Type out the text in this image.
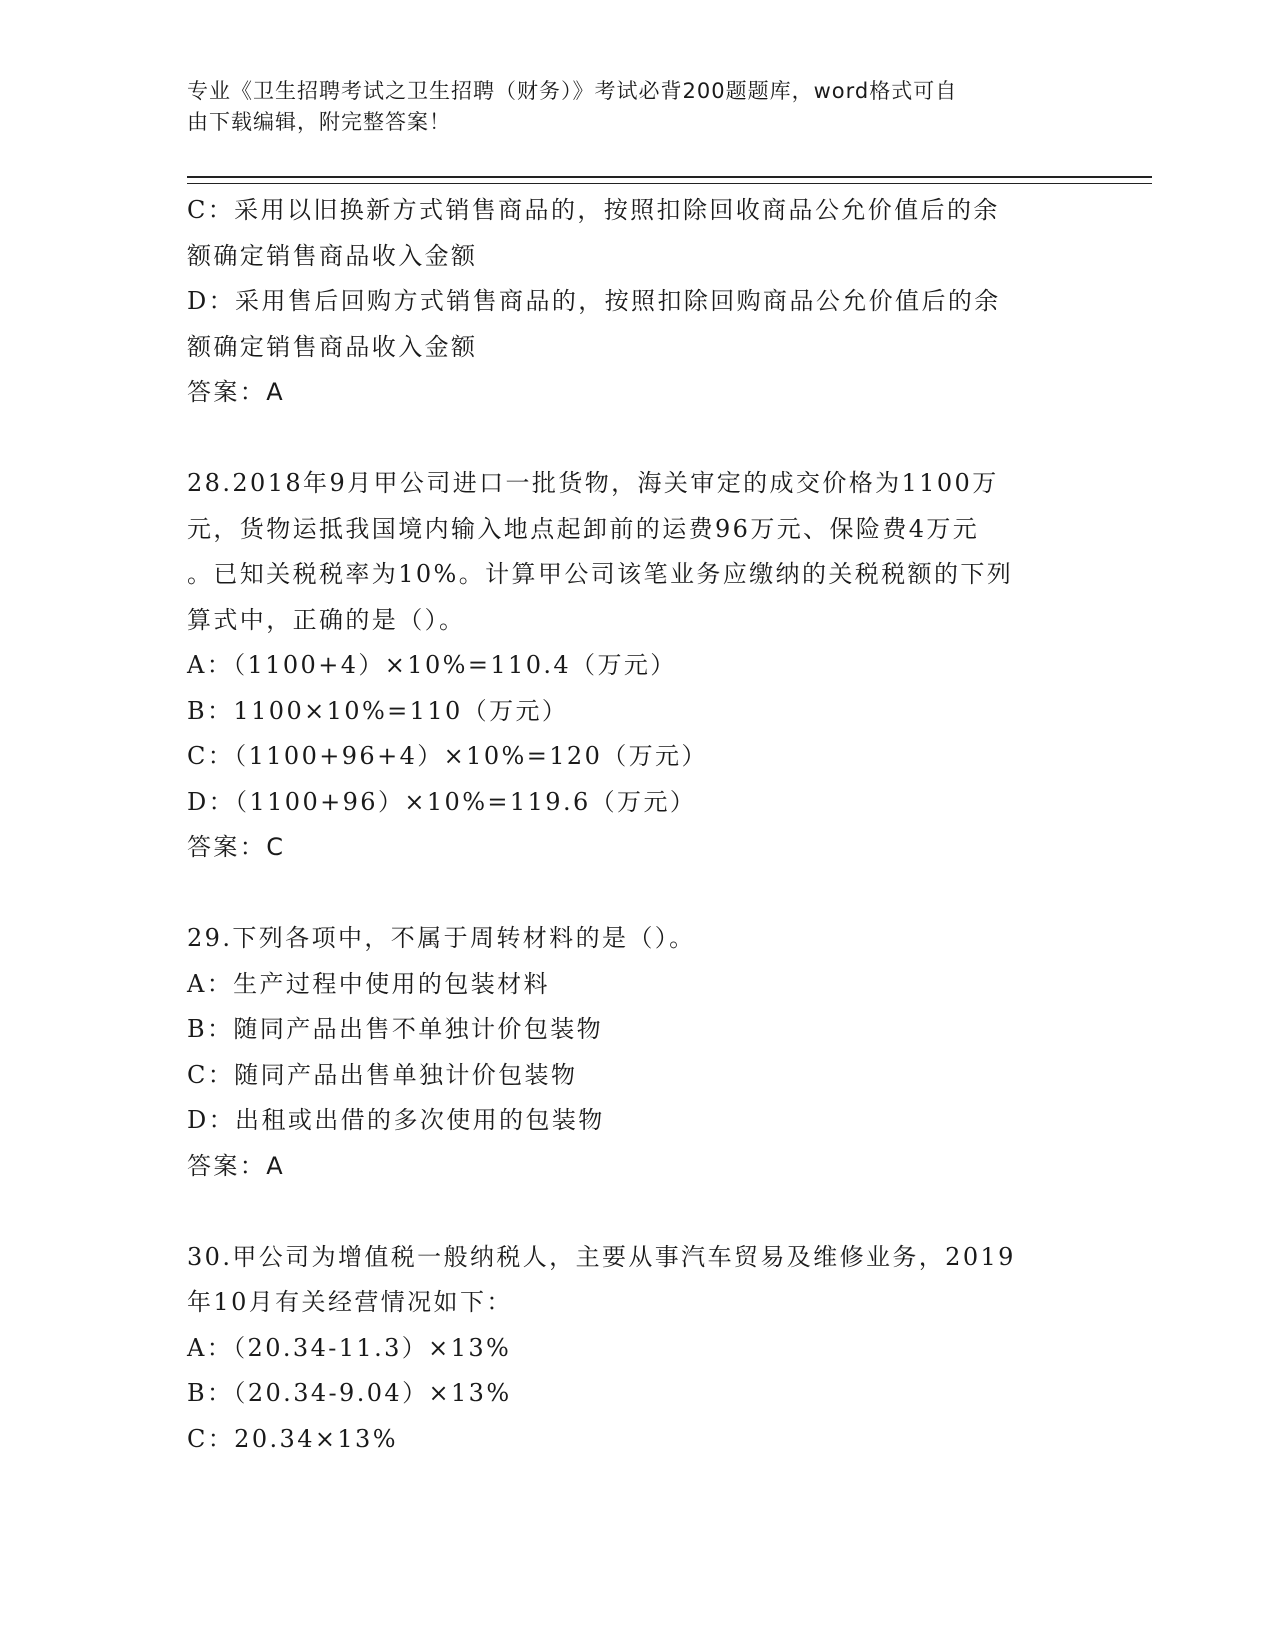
专业《卫生招聘考试之卫生招聘（财务）》考试必背200题题库，word格式可自
由下载编辑，附完整答案！
C：采用以旧换新方式销售商品的，按照扣除回收商品公允价值后的余
额确定销售商品收入金额
D：采用售后回购方式销售商品的，按照扣除回购商品公允价值后的余
额确定销售商品收入金额
答案：A
28.2018年9月甲公司进口一批货物，海关审定的成交价格为1100万
元，货物运抵我国境内输入地点起卸前的运费96万元、保险费4万元
。已知关税税率为10%。计算甲公司该笔业务应缴纳的关税税额的下列
算式中，正确的是（）。
A：（1100+4）×10%=110.4（万元）
B：1100×10%=110（万元）
C：（1100+96+4）×10%=120（万元）
D：（1100+96）×10%=119.6（万元）
答案：C
29.下列各项中，不属于周转材料的是（）。
A：生产过程中使用的包装材料
B：随同产品出售不单独计价包装物
C：随同产品出售单独计价包装物
D：出租或出借的多次使用的包装物
答案：A
30.甲公司为增值税一般纳税人，主要从事汽车贸易及维修业务，2019
年10月有关经营情况如下：
A：（20.34-11.3）×13%
B：（20.34-9.04）×13%
C：20.34×13%
